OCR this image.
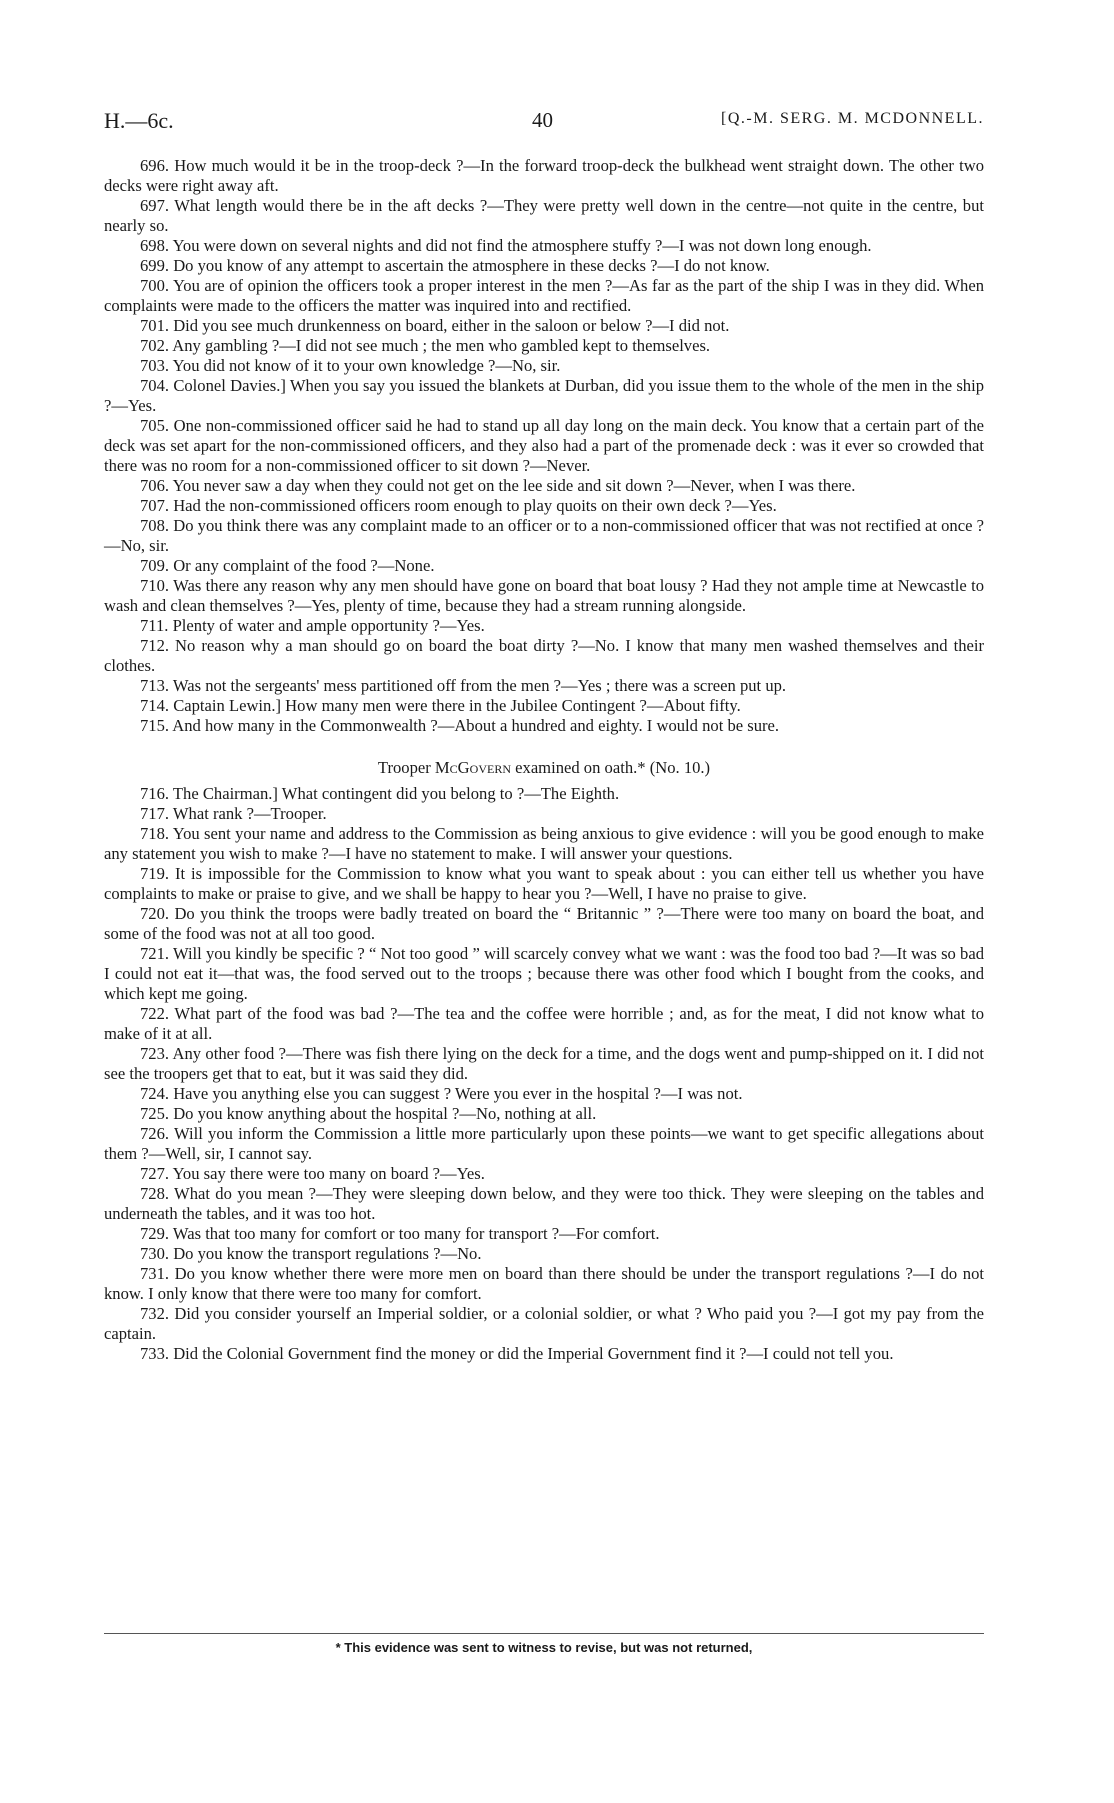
H.—6c.	40	[Q.-M. SERG. M. MCDONNELL.

696. How much would it be in the troop-deck ?—In the forward troop-deck the bulkhead went straight down. The other two decks were right away aft.

697. What length would there be in the aft decks ?—They were pretty well down in the centre—not quite in the centre, but nearly so.

698. You were down on several nights and did not find the atmosphere stuffy ?—I was not down long enough.

699. Do you know of any attempt to ascertain the atmosphere in these decks ?—I do not know.

700. You are of opinion the officers took a proper interest in the men ?—As far as the part of the ship I was in they did. When complaints were made to the officers the matter was inquired into and rectified.

701. Did you see much drunkenness on board, either in the saloon or below ?—I did not.

702. Any gambling ?—I did not see much ; the men who gambled kept to themselves.

703. You did not know of it to your own knowledge ?—No, sir.

704. Colonel Davies.] When you say you issued the blankets at Durban, did you issue them to the whole of the men in the ship ?—Yes.

705. One non-commissioned officer said he had to stand up all day long on the main deck. You know that a certain part of the deck was set apart for the non-commissioned officers, and they also had a part of the promenade deck : was it ever so crowded that there was no room for a non-commissioned officer to sit down ?—Never.

706. You never saw a day when they could not get on the lee side and sit down ?—Never, when I was there.

707. Had the non-commissioned officers room enough to play quoits on their own deck ?—Yes.

708. Do you think there was any complaint made to an officer or to a non-commissioned officer that was not rectified at once ?—No, sir.

709. Or any complaint of the food ?—None.

710. Was there any reason why any men should have gone on board that boat lousy ? Had they not ample time at Newcastle to wash and clean themselves ?—Yes, plenty of time, because they had a stream running alongside.

711. Plenty of water and ample opportunity ?—Yes.

712. No reason why a man should go on board the boat dirty ?—No. I know that many men washed themselves and their clothes.

713. Was not the sergeants' mess partitioned off from the men ?—Yes ; there was a screen put up.

714. Captain Lewin.] How many men were there in the Jubilee Contingent ?—About fifty.

715. And how many in the Commonwealth ?—About a hundred and eighty. I would not be sure.

Trooper McGovern examined on oath.* (No. 10.)

716. The Chairman.] What contingent did you belong to ?—The Eighth.

717. What rank ?—Trooper.

718. You sent your name and address to the Commission as being anxious to give evidence : will you be good enough to make any statement you wish to make ?—I have no statement to make. I will answer your questions.

719. It is impossible for the Commission to know what you want to speak about : you can either tell us whether you have complaints to make or praise to give, and we shall be happy to hear you ?—Well, I have no praise to give.

720. Do you think the troops were badly treated on board the “ Britannic ” ?—There were too many on board the boat, and some of the food was not at all too good.

721. Will you kindly be specific ? “ Not too good ” will scarcely convey what we want : was the food too bad ?—It was so bad I could not eat it—that was, the food served out to the troops ; because there was other food which I bought from the cooks, and which kept me going.

722. What part of the food was bad ?—The tea and the coffee were horrible ; and, as for the meat, I did not know what to make of it at all.

723. Any other food ?—There was fish there lying on the deck for a time, and the dogs went and pump-shipped on it. I did not see the troopers get that to eat, but it was said they did.

724. Have you anything else you can suggest ? Were you ever in the hospital ?—I was not.

725. Do you know anything about the hospital ?—No, nothing at all.

726. Will you inform the Commission a little more particularly upon these points—we want to get specific allegations about them ?—Well, sir, I cannot say.

727. You say there were too many on board ?—Yes.

728. What do you mean ?—They were sleeping down below, and they were too thick. They were sleeping on the tables and underneath the tables, and it was too hot.

729. Was that too many for comfort or too many for transport ?—For comfort.

730. Do you know the transport regulations ?—No.

731. Do you know whether there were more men on board than there should be under the transport regulations ?—I do not know. I only know that there were too many for comfort.

732. Did you consider yourself an Imperial soldier, or a colonial soldier, or what ? Who paid you ?—I got my pay from the captain.

733. Did the Colonial Government find the money or did the Imperial Government find it ?—I could not tell you.

* This evidence was sent to witness to revise, but was not returned,
